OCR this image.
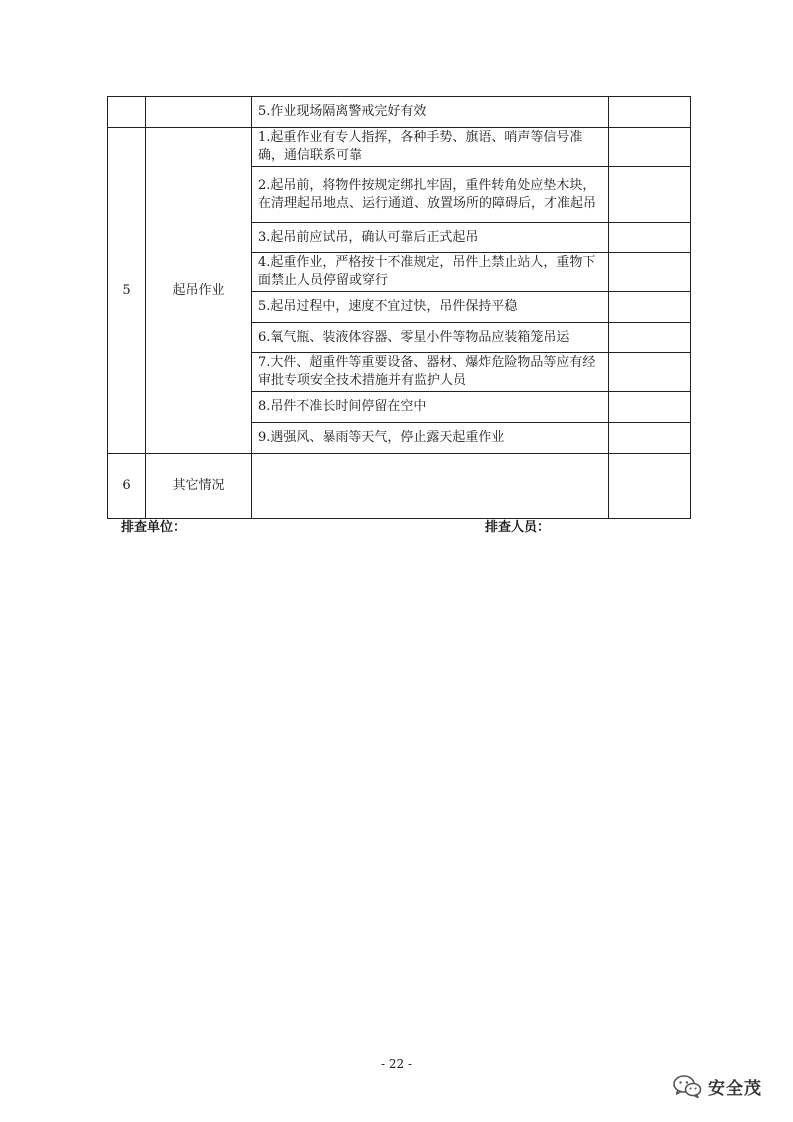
		5.作业现场隔离警戒完好有效	
5	起吊作业	1.起重作业有专人指挥，各种手势、旗语、哨声等信号准确，通信联系可靠	
		2.起吊前，将物件按规定绑扎牢固，重件转角处应垫木块，在清理起吊地点、运行通道、放置场所的障碍后，才准起吊	
		3.起吊前应试吊，确认可靠后正式起吊	
		4.起重作业，严格按十不准规定，吊件上禁止站人，重物下面禁止人员停留或穿行	
		5.起吊过程中，速度不宜过快，吊件保持平稳	
		6.氧气瓶、装液体容器、零星小件等物品应装箱笼吊运	
		7.大件、超重件等重要设备、器材、爆炸危险物品等应有经审批专项安全技术措施并有监护人员	
		8.吊件不准长时间停留在空中	
		9.遇强风、暴雨等天气，停止露天起重作业	
6	其它情况		
排查单位：	排查人员：
- 22 -
安全茂
